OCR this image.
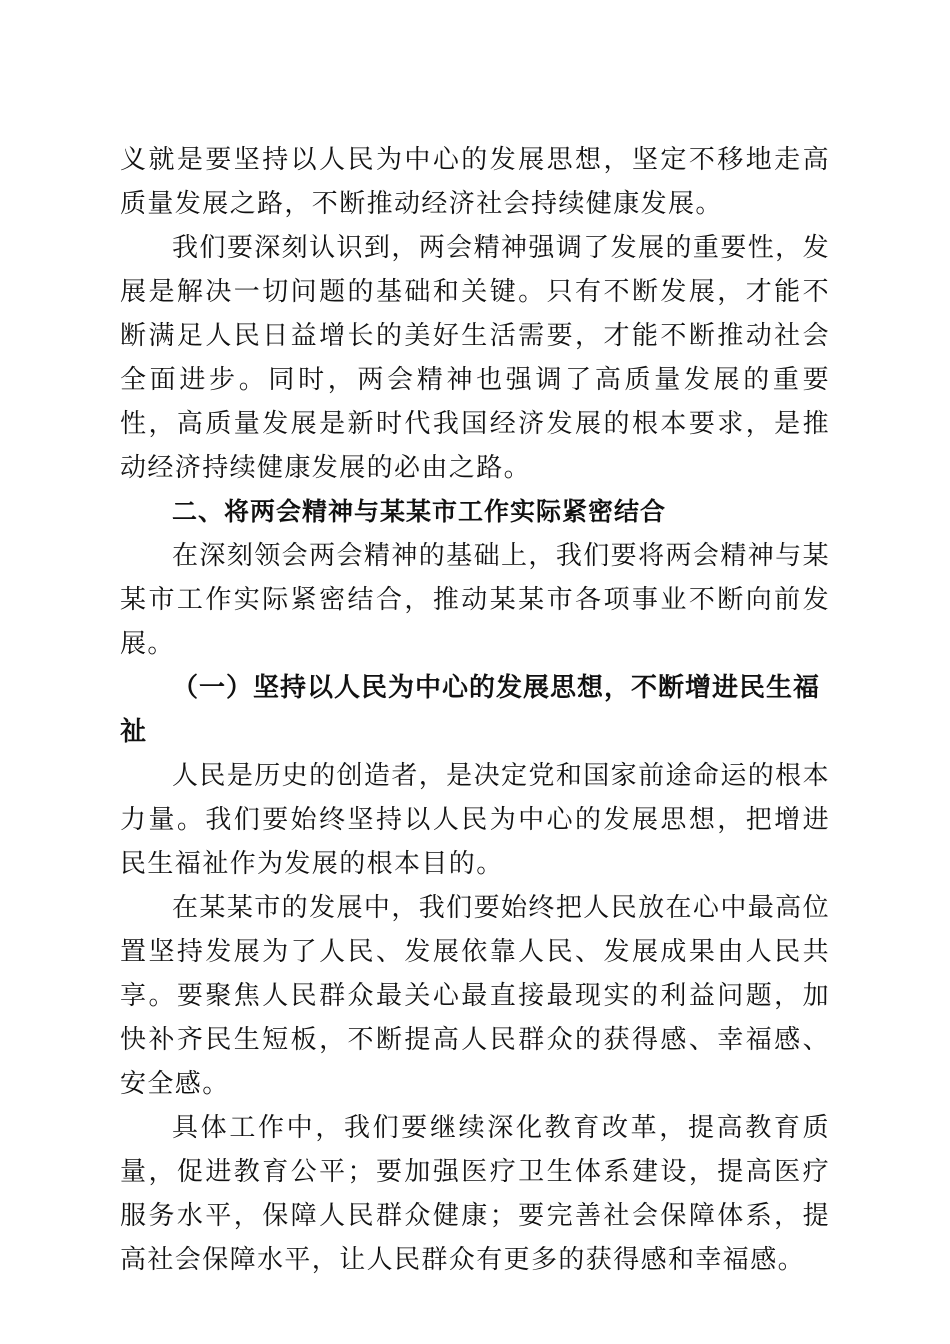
义就是要坚持以人民为中心的发展思想，坚定不移地走高质量发展之路，不断推动经济社会持续健康发展。

我们要深刻认识到，两会精神强调了发展的重要性，发展是解决一切问题的基础和关键。只有不断发展，才能不断满足人民日益增长的美好生活需要，才能不断推动社会全面进步。同时，两会精神也强调了高质量发展的重要性，高质量发展是新时代我国经济发展的根本要求，是推动经济持续健康发展的必由之路。

二、将两会精神与某某市工作实际紧密结合

在深刻领会两会精神的基础上，我们要将两会精神与某某市工作实际紧密结合，推动某某市各项事业不断向前发展。

（一）坚持以人民为中心的发展思想，不断增进民生福祉

人民是历史的创造者，是决定党和国家前途命运的根本力量。我们要始终坚持以人民为中心的发展思想，把增进民生福祉作为发展的根本目的。

在某某市的发展中，我们要始终把人民放在心中最高位置坚持发展为了人民、发展依靠人民、发展成果由人民共享。要聚焦人民群众最关心最直接最现实的利益问题，加快补齐民生短板，不断提高人民群众的获得感、幸福感、安全感。

具体工作中，我们要继续深化教育改革，提高教育质量，促进教育公平；要加强医疗卫生体系建设，提高医疗服务水平，保障人民群众健康；要完善社会保障体系，提高社会保障水平，让人民群众有更多的获得感和幸福感。
